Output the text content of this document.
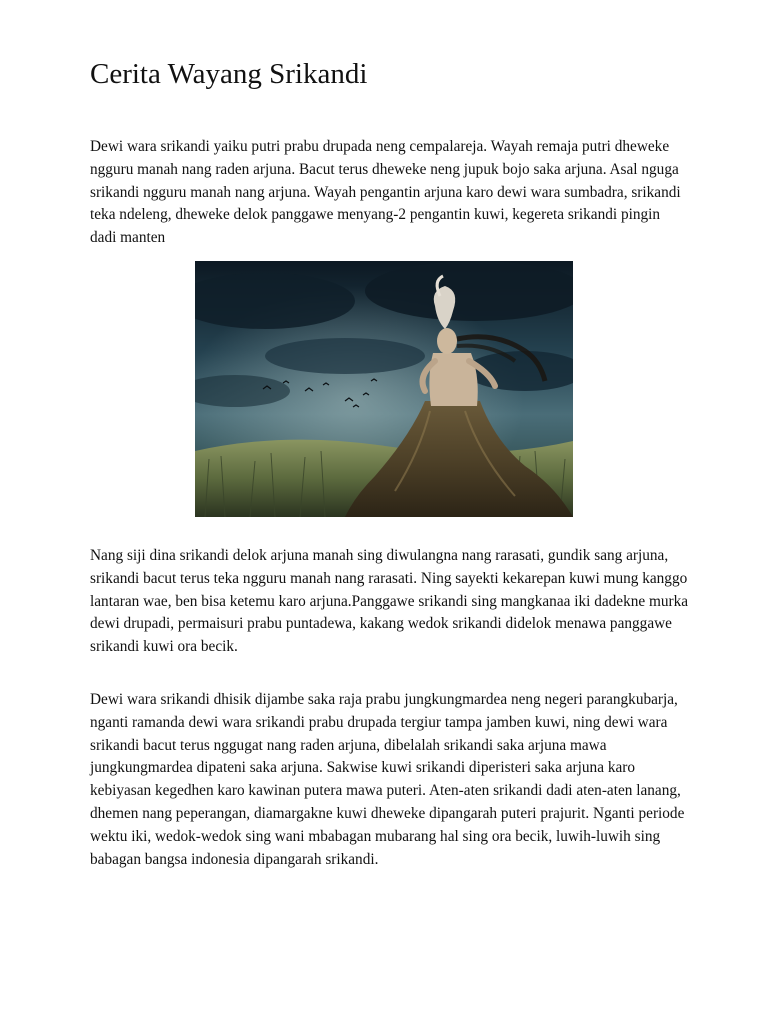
Cerita Wayang Srikandi

Dewi wara srikandi yaiku putri prabu drupada neng cempalareja. Wayah remaja putri dheweke ngguru manah nang raden arjuna. Bacut terus dheweke neng jupuk bojo saka arjuna. Asal nguga srikandi ngguru manah nang arjuna. Wayah pengantin arjuna karo dewi wara sumbadra, srikandi teka ndeleng, dheweke delok panggawe menyang-2 pengantin kuwi, kegereta srikandi pingin dadi manten

Nang siji dina srikandi delok arjuna manah sing diwulangna nang rarasati, gundik sang arjuna, srikandi bacut terus teka ngguru manah nang rarasati. Ning sayekti kekarepan kuwi mung kanggo lantaran wae, ben bisa ketemu karo arjuna.Panggawe srikandi sing mangkanaa iki dadekne murka dewi drupadi, permaisuri prabu puntadewa, kakang wedok srikandi didelok menawa panggawe srikandi kuwi ora becik.

Dewi wara srikandi dhisik dijambe saka raja prabu jungkungmardea neng negeri parangkubarja, nganti ramanda dewi wara srikandi prabu drupada tergiur tampa jamben kuwi, ning dewi wara srikandi bacut terus nggugat nang raden arjuna, dibelalah srikandi saka arjuna mawa jungkungmardea dipateni saka arjuna. Sakwise kuwi srikandi diperisteri saka arjuna karo kebiyasan kegedhen karo kawinan putera mawa puteri. Aten-aten srikandi dadi aten-aten lanang, dhemen nang peperangan, diamargakne kuwi dheweke dipangarah puteri prajurit. Nganti periode wektu iki, wedok-wedok sing wani mbabagan mubarang hal sing ora becik, luwih-luwih sing babagan bangsa indonesia dipangarah srikandi.
